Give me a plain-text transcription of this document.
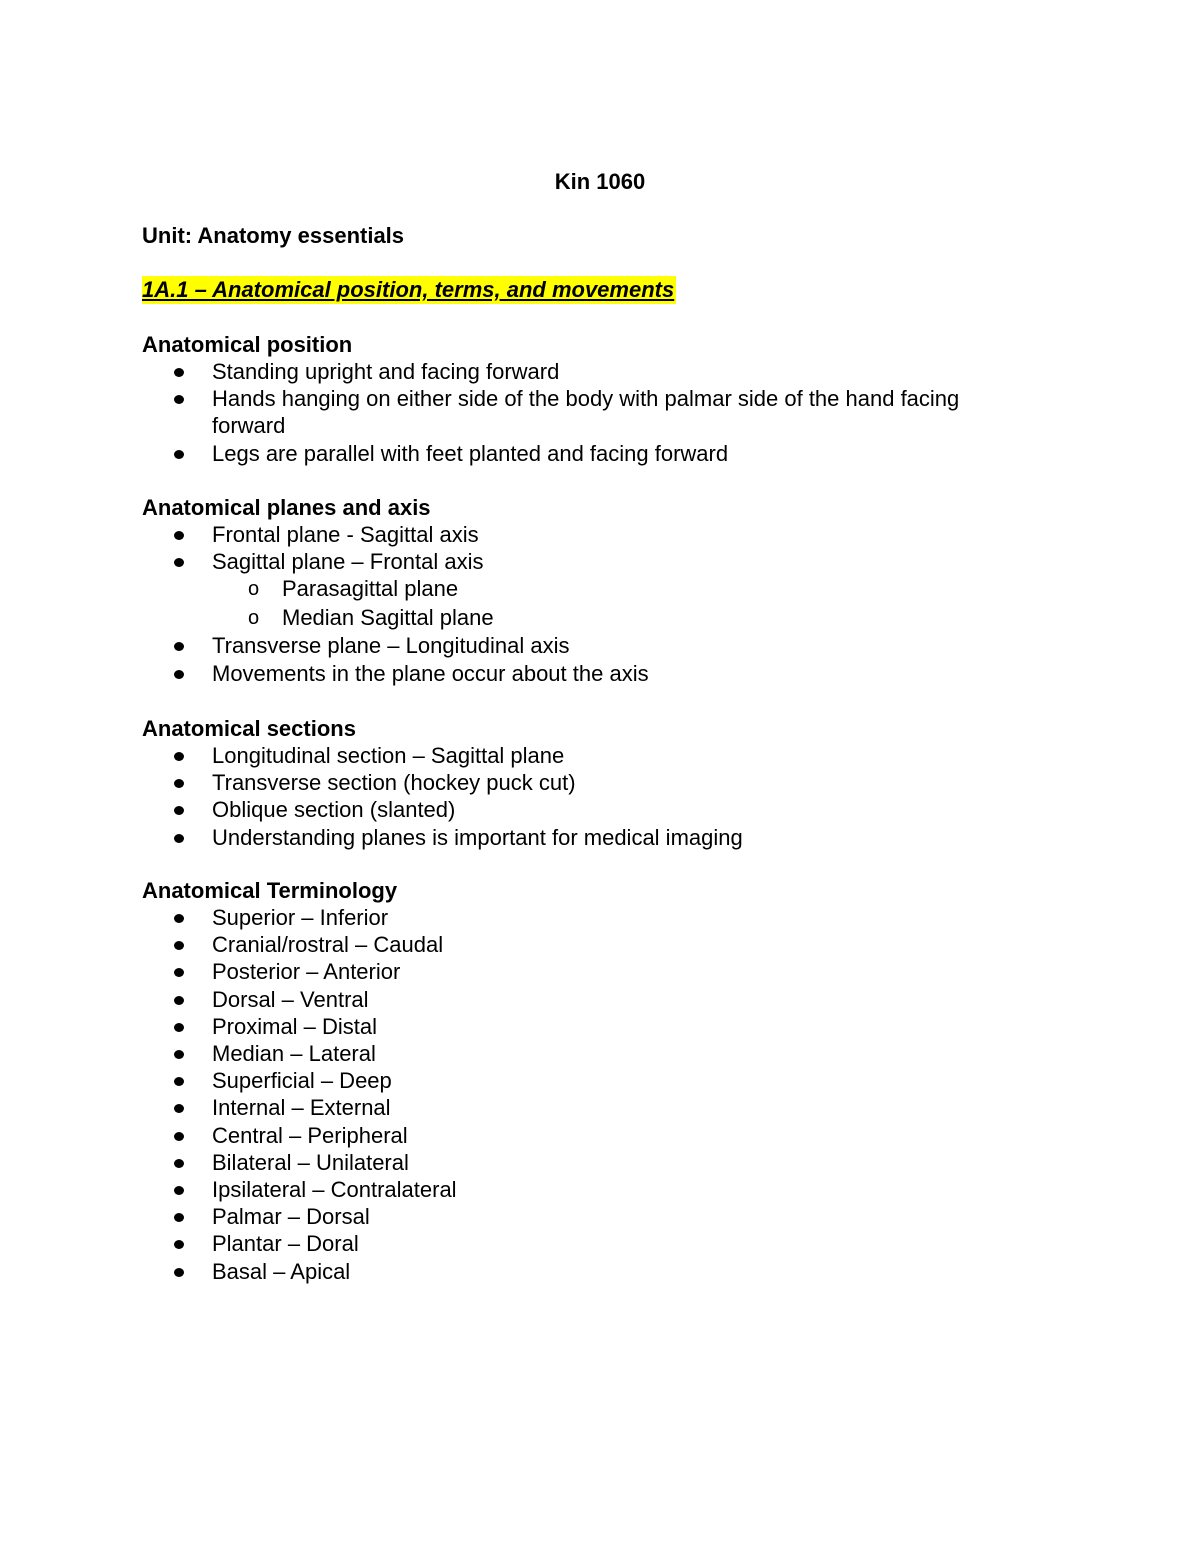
Kin 1060
Unit: Anatomy essentials
1A.1 – Anatomical position, terms, and movements
Anatomical position
Standing upright and facing forward
Hands hanging on either side of the body with palmar side of the hand facing forward
Legs are parallel with feet planted and facing forward
Anatomical planes and axis
Frontal plane - Sagittal axis
Sagittal plane – Frontal axis
o Parasagittal plane
o Median Sagittal plane
Transverse plane – Longitudinal axis
Movements in the plane occur about the axis
Anatomical sections
Longitudinal section – Sagittal plane
Transverse section (hockey puck cut)
Oblique section (slanted)
Understanding planes is important for medical imaging
Anatomical Terminology
Superior – Inferior
Cranial/rostral – Caudal
Posterior – Anterior
Dorsal – Ventral
Proximal – Distal
Median – Lateral
Superficial – Deep
Internal – External
Central – Peripheral
Bilateral – Unilateral
Ipsilateral – Contralateral
Palmar – Dorsal
Plantar – Doral
Basal – Apical
